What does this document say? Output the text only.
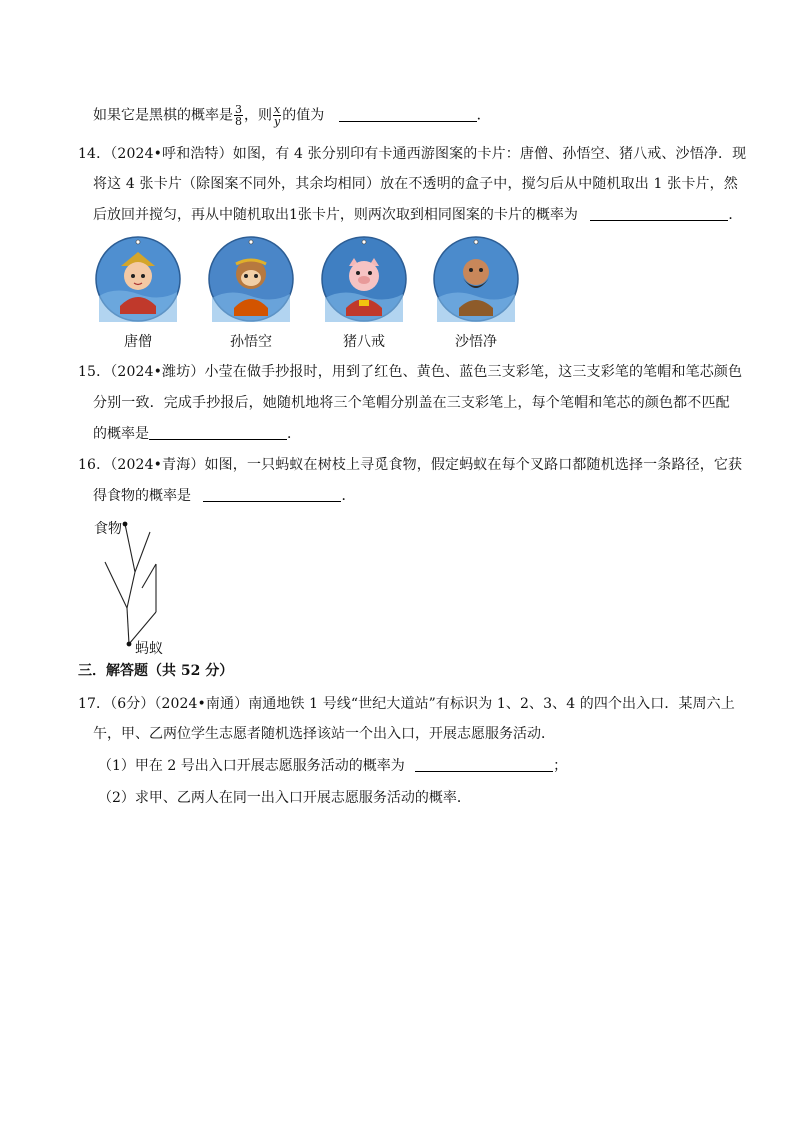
如果它是黑棋的概率是 $\frac{3}{8}$ ，则 $\frac{x}{y}$ 的值为	．
14．（2024•呼和浩特）如图，有 4 张分别印有卡通西游图案的卡片：唐僧、孙悟空、猪八戒、沙悟净．现
将这 4 张卡片（除图案不同外，其余均相同）放在不透明的盒子中，搅匀后从中随机取出 1 张卡片，然
后放回并搅匀，再从中随机取出1张卡片，则两次取到相同图案的卡片的概率为	．
唐僧	孙悟空	猪八戒	沙悟净
15．（2024•潍坊）小莹在做手抄报时，用到了红色、黄色、蓝色三支彩笔，这三支彩笔的笔帽和笔芯颜色
分别一致．完成手抄报后，她随机地将三个笔帽分别盖在三支彩笔上，每个笔帽和笔芯的颜色都不匹配
的概率是	．
16．（2024•青海）如图，一只蚂蚁在树枝上寻觅食物，假定蚂蚁在每个叉路口都随机选择一条路径，它获
得食物的概率是	．
食物
蚂蚁
三．解答题（共 52 分）
17．（6分）（2024•南通）南通地铁 1 号线“世纪大道站”有标识为 1、2、3、4 的四个出入口．某周六上
午，甲、乙两位学生志愿者随机选择该站一个出入口，开展志愿服务活动．
（1）甲在 2 号出入口开展志愿服务活动的概率为	；
（2）求甲、乙两人在同一出入口开展志愿服务活动的概率．
